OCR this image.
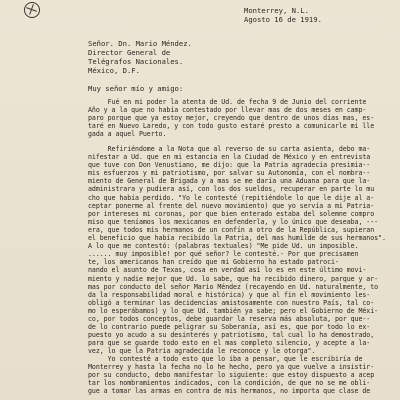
Monterrey, N.L.
Agosto 16 de 1919.
Señor. Dn. Mario Méndez.
Director General de
Telégrafos Nacionales.
México, D.F.
Muy señor mío y amigo:
Fué en mi poder la atenta de Ud. de fecha 9 de Junio del corriente
Año y a la que no había contestado por llevar mas de dos meses en camp-
paro porque que ya estoy mejor, creyendo que dentro de unos días mas, es-
taré en Nuevo Laredo, y con todo gusto estaré presto a comunicarle mi lle
gada a aquel Puerto.
Refiriéndome a la Nota que al reverso de su carta asienta, debo ma-
nifestar a Ud. que en mi estancia en la Ciudad de México y en entrevista
que tuve con Don Venustiano, me dijo: que la Patria agradecía presimia--
mis esfuerzos y mi patriotismo, por salvar su Autonomía, con el nombra--
miento de General de Brigada y a mas se me daría una Aduana para que la-
administrara y pudiera así, con los dos sueldos, recuperar en parte lo mu
cho que había perdido. "Yo le contesté (repitiéndole lo que le dije al a-
ceptar ponerme al frente del nuevo movimiento) que yo servía a mi Patria-
por intereses mi coronas, por que bien enterado estaba del solemne compro
miso que teníamos los mexicanos en defenderla, y lo único que deseaba, ---
era, que todos mis hermanos de un confín a otro de la República, supieran
el beneficio que había recibido la Patria, del mas humilde de sus hermanos".
A lo que me contestó: (palabras textuales) "Me pide Ud. un imposible.
...... muy imposible! por qué señor? le contesté.- Por que precisamen
te, los americanos han creído que mi Gobierno ha estado patroci-
nando el asunto de Texas, cosa en verdad así lo es en este último movi-
miento y nadie mejor que Ud. lo sabe, que ha recibido dinero, parque y ar-
mas por conducto del señor Mario Méndez (recayendo en Ud. naturalmente, to
da la responsabilidad moral e histórica) y que al fin el movimiento les-
obligó a terminar las decidencias amistosamente con nuestro País, tal co-
mo lo esperábamos) y lo que Ud. también ya sabe; pero el Gobierno de Méxi-
co, por todos conceptos, debe guardar la reserva más absoluta, por que--
de lo contrario puede peligrar su Soberanía, así es, que por todo lo ex-
puesto yo acudo a su desinterés y patriotismo, tal cual lo ha demostrado,
para que se guarde todo esto en el mas completo silencio, y acepte a la-
vez, lo que la Patria agradecida le reconoce y le otorga".
Yo contesté a todo esto que lo iba a pensar, que le escribiría de
Monterrey y hasta la fecha no lo he hecho, pero ya que vuelve a insistir-
por su conducto, debo manifestar lo siguiente: que estoy dispuesto a acep
tar los nombramientos indicados, con la condición, de que no se me obli-
gue a tomar las armas en contra de mis hermanos, no importa que clase de
